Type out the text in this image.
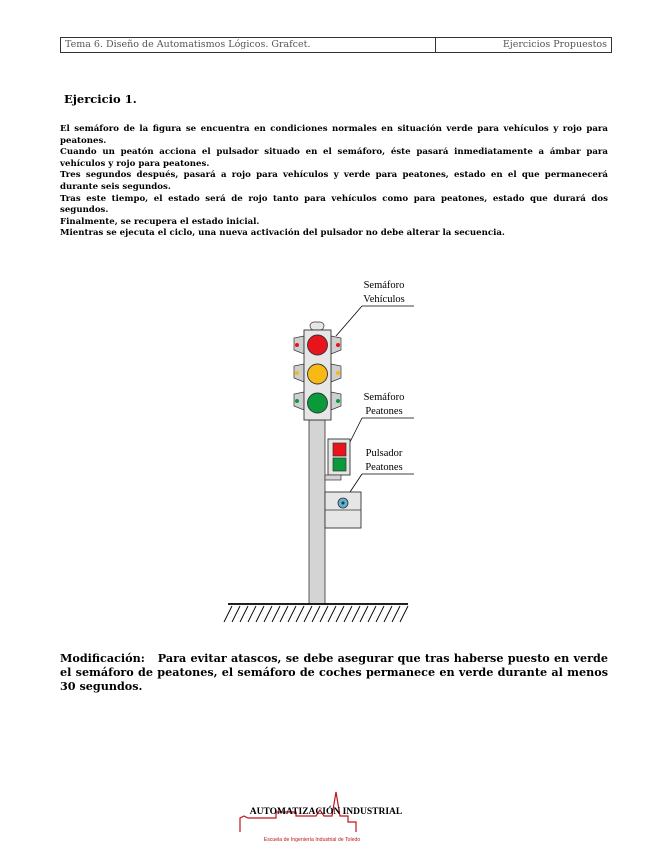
Tema 6. Diseño de Automatismos Lógicos. Grafcet.	Ejercicios Propuestos
Ejercicio 1.

El semáforo de la figura se encuentra en condiciones normales en situación verde para vehículos y rojo para peatones.

Cuando un peatón acciona el pulsador situado en el semáforo, éste pasará inmediatamente a ámbar para vehículos y rojo para peatones.

Tres segundos después, pasará a rojo para vehículos y verde para peatones, estado en el que permanecerá durante seis segundos.

Tras este tiempo, el estado será de rojo tanto para vehículos como para peatones, estado que durará dos segundos.

Finalmente, se recupera el estado inicial.

Mientras se ejecuta el ciclo, una nueva activación del pulsador no debe alterar la secuencia.

Semáforo
Vehículos
Semáforo
Peatones
Pulsador
Peatones
Modificación: Para evitar atascos, se debe asegurar que tras haberse puesto en verde el semáforo de peatones, el semáforo de coches permanece en verde durante al menos 30 segundos.
AUTOMATIZACIÓN INDUSTRIAL
Escuela de Ingeniería Industrial de Toledo
